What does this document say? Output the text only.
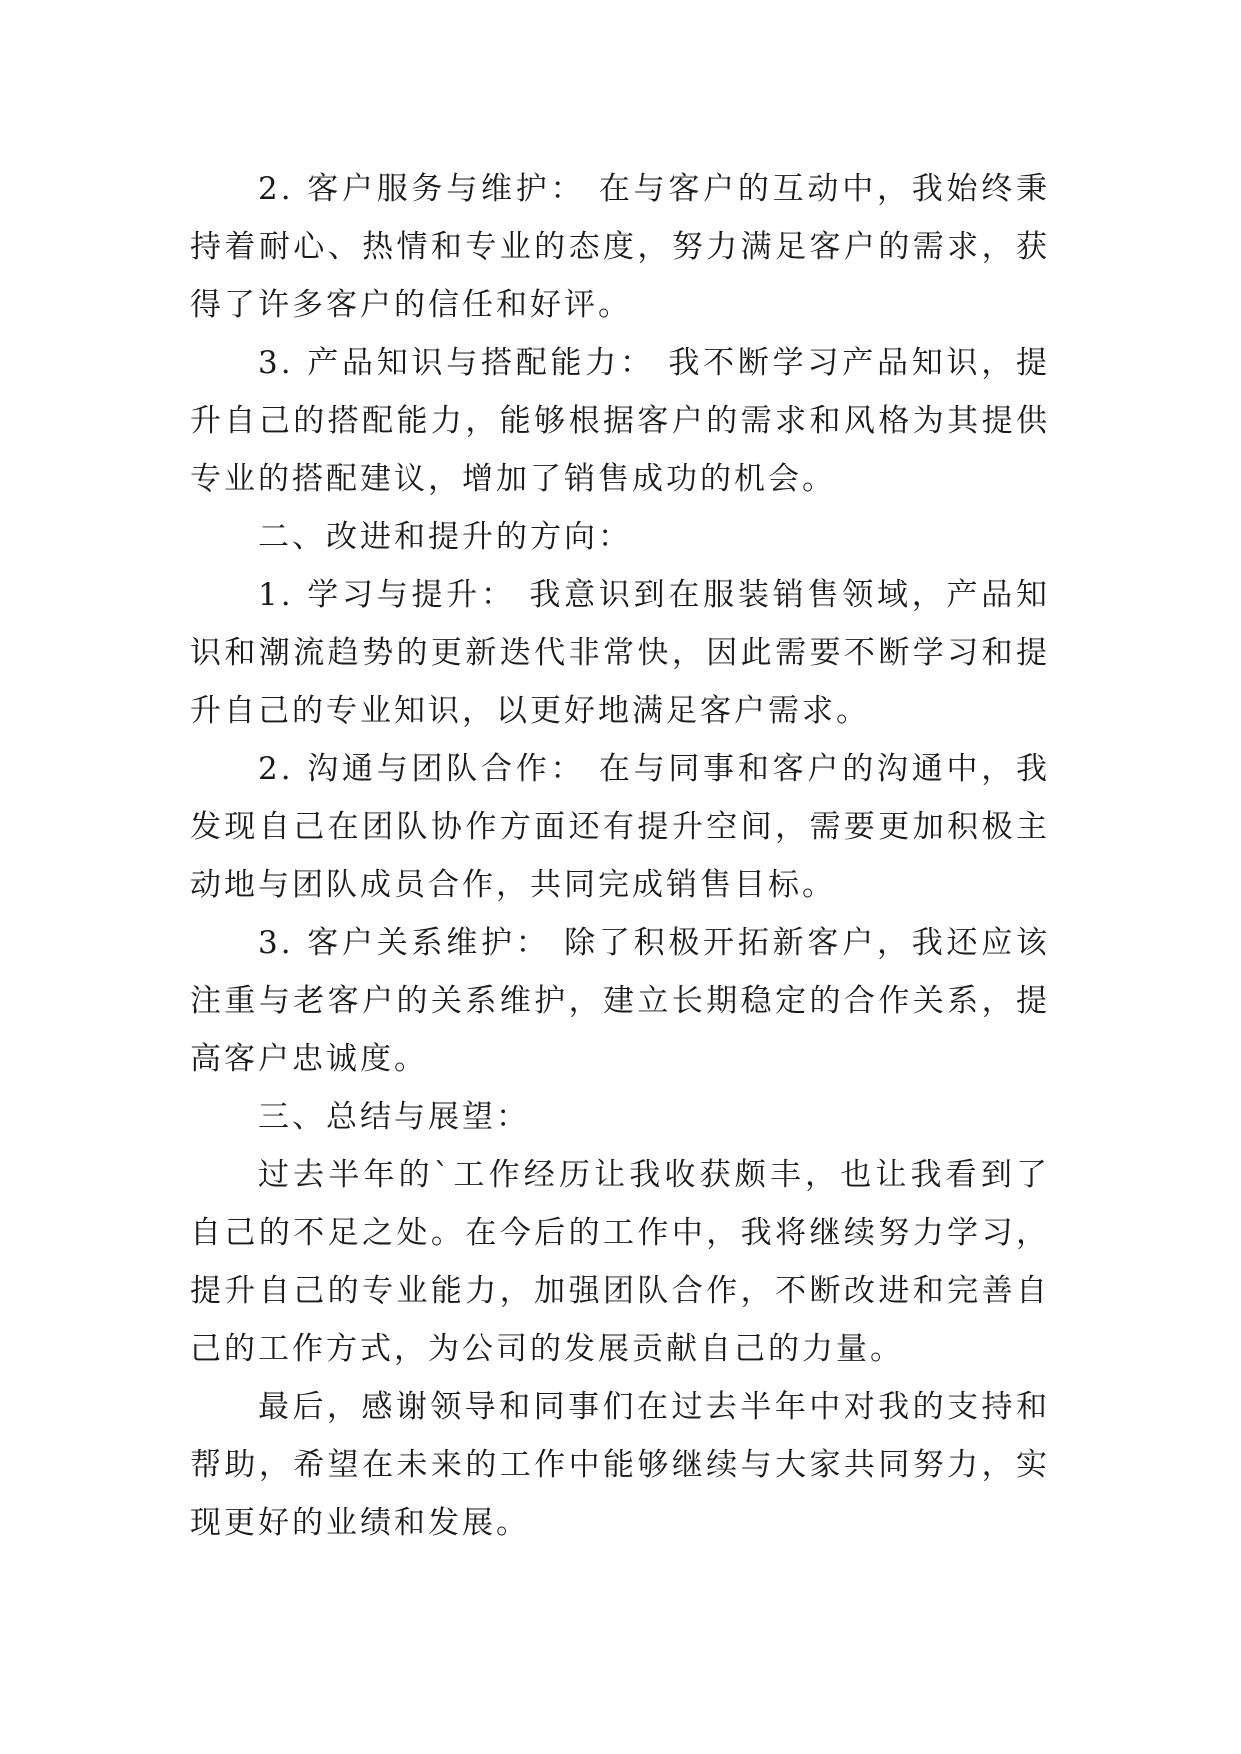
2. 客户服务与维护： 在与客户的互动中，我始终秉持着耐心、热情和专业的态度，努力满足客户的需求，获得了许多客户的信任和好评。

3. 产品知识与搭配能力： 我不断学习产品知识，提升自己的搭配能力，能够根据客户的需求和风格为其提供专业的搭配建议，增加了销售成功的机会。

二、改进和提升的方向：

1. 学习与提升： 我意识到在服装销售领域，产品知识和潮流趋势的更新迭代非常快，因此需要不断学习和提升自己的专业知识，以更好地满足客户需求。

2. 沟通与团队合作： 在与同事和客户的沟通中，我发现自己在团队协作方面还有提升空间，需要更加积极主动地与团队成员合作，共同完成销售目标。

3. 客户关系维护： 除了积极开拓新客户，我还应该注重与老客户的关系维护，建立长期稳定的合作关系，提高客户忠诚度。

三、总结与展望：

过去半年的`工作经历让我收获颇丰，也让我看到了自己的不足之处。在今后的工作中，我将继续努力学习，提升自己的专业能力，加强团队合作，不断改进和完善自己的工作方式，为公司的发展贡献自己的力量。

最后，感谢领导和同事们在过去半年中对我的支持和帮助，希望在未来的工作中能够继续与大家共同努力，实现更好的业绩和发展。
